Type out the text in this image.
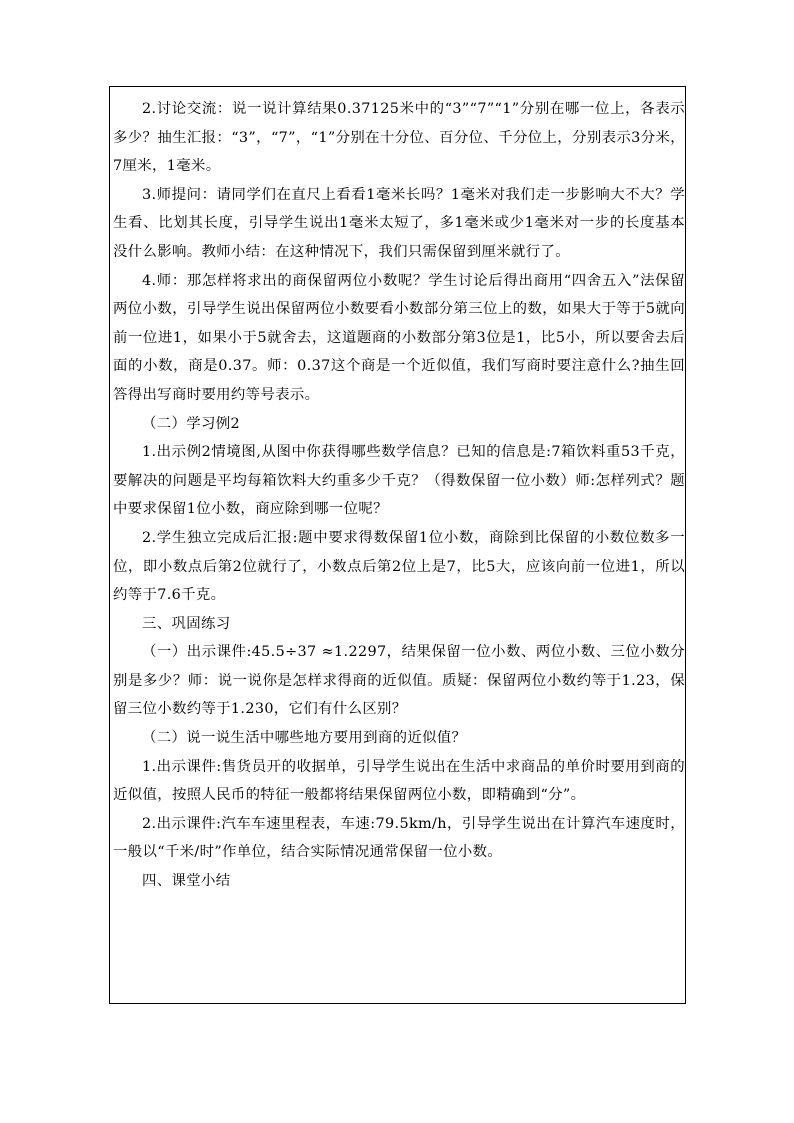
2.讨论交流：说一说计算结果0.37125米中的“3”“7”“1”分别在哪一位上，各表示多少？抽生汇报：“3”，“7”，“1”分别在十分位、百分位、千分位上，分别表示3分米，7厘米，1毫米。

3.师提问：请同学们在直尺上看看1毫米长吗？1毫米对我们走一步影响大不大？学生看、比划其长度，引导学生说出1毫米太短了，多1毫米或少1毫米对一步的长度基本没什么影响。教师小结：在这种情况下，我们只需保留到厘米就行了。

4.师：那怎样将求出的商保留两位小数呢？学生讨论后得出商用“四舍五入”法保留两位小数，引导学生说出保留两位小数要看小数部分第三位上的数，如果大于等于5就向前一位进1，如果小于5就舍去，这道题商的小数部分第3位是1，比5小，所以要舍去后面的小数，商是0.37。师：0.37这个商是一个近似值，我们写商时要注意什么?抽生回答得出写商时要用约等号表示。

（二）学习例2

1.出示例2情境图,从图中你获得哪些数学信息？已知的信息是:7箱饮料重53千克，要解决的问题是平均每箱饮料大约重多少千克？（得数保留一位小数）师:怎样列式？题中要求保留1位小数，商应除到哪一位呢？

2.学生独立完成后汇报:题中要求得数保留1位小数，商除到比保留的小数位数多一位，即小数点后第2位就行了，小数点后第2位上是7，比5大，应该向前一位进1，所以约等于7.6千克。

三、巩固练习

（一）出示课件:45.5÷37 ≈1.2297，结果保留一位小数、两位小数、三位小数分别是多少？师：说一说你是怎样求得商的近似值。质疑：保留两位小数约等于1.23，保留三位小数约等于1.230，它们有什么区别？

（二）说一说生活中哪些地方要用到商的近似值？

1.出示课件:售货员开的收据单，引导学生说出在生活中求商品的单价时要用到商的近似值，按照人民币的特征一般都将结果保留两位小数，即精确到“分”。

2.出示课件:汽车车速里程表，车速:79.5km/h，引导学生说出在计算汽车速度时，一般以“千米/时”作单位，结合实际情况通常保留一位小数。

四、课堂小结
